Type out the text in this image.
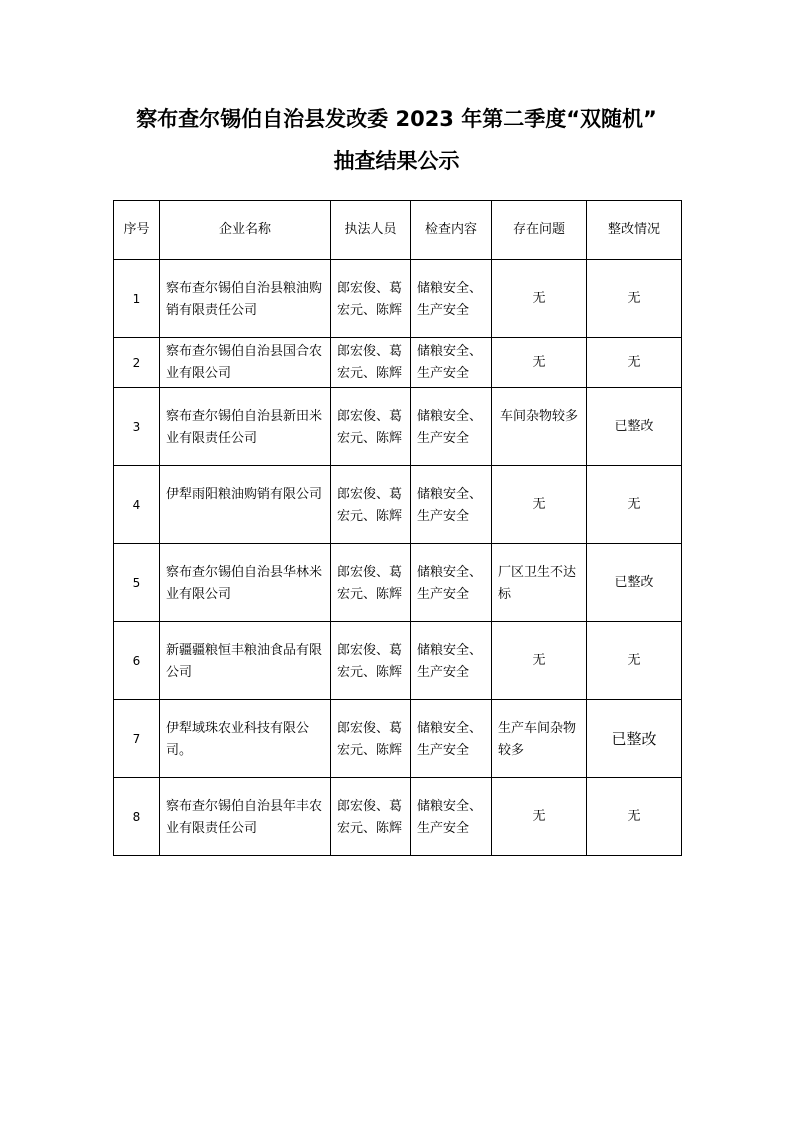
察布查尔锡伯自治县发改委 2023 年第二季度“双随机”
抽查结果公示
序号	企业名称	执法人员	检查内容	存在问题	整改情况
1	察布查尔锡伯自治县粮油购销有限责任公司	郎宏俊、葛宏元、陈辉	储粮安全、生产安全	无	无
2	察布查尔锡伯自治县国合农业有限公司	郎宏俊、葛宏元、陈辉	储粮安全、生产安全	无	无
3	察布查尔锡伯自治县新田米业有限责任公司	郎宏俊、葛宏元、陈辉	储粮安全、生产安全	车间杂物较多	已整改
4	伊犁雨阳粮油购销有限公司	郎宏俊、葛宏元、陈辉	储粮安全、生产安全	无	无
5	察布查尔锡伯自治县华林米业有限公司	郎宏俊、葛宏元、陈辉	储粮安全、生产安全	厂区卫生不达标	已整改
6	新疆疆粮恒丰粮油食品有限公司	郎宏俊、葛宏元、陈辉	储粮安全、生产安全	无	无
7	伊犁域珠农业科技有限公司。	郎宏俊、葛宏元、陈辉	储粮安全、生产安全	生产车间杂物较多	已整改
8	察布查尔锡伯自治县年丰农业有限责任公司	郎宏俊、葛宏元、陈辉	储粮安全、生产安全	无	无
